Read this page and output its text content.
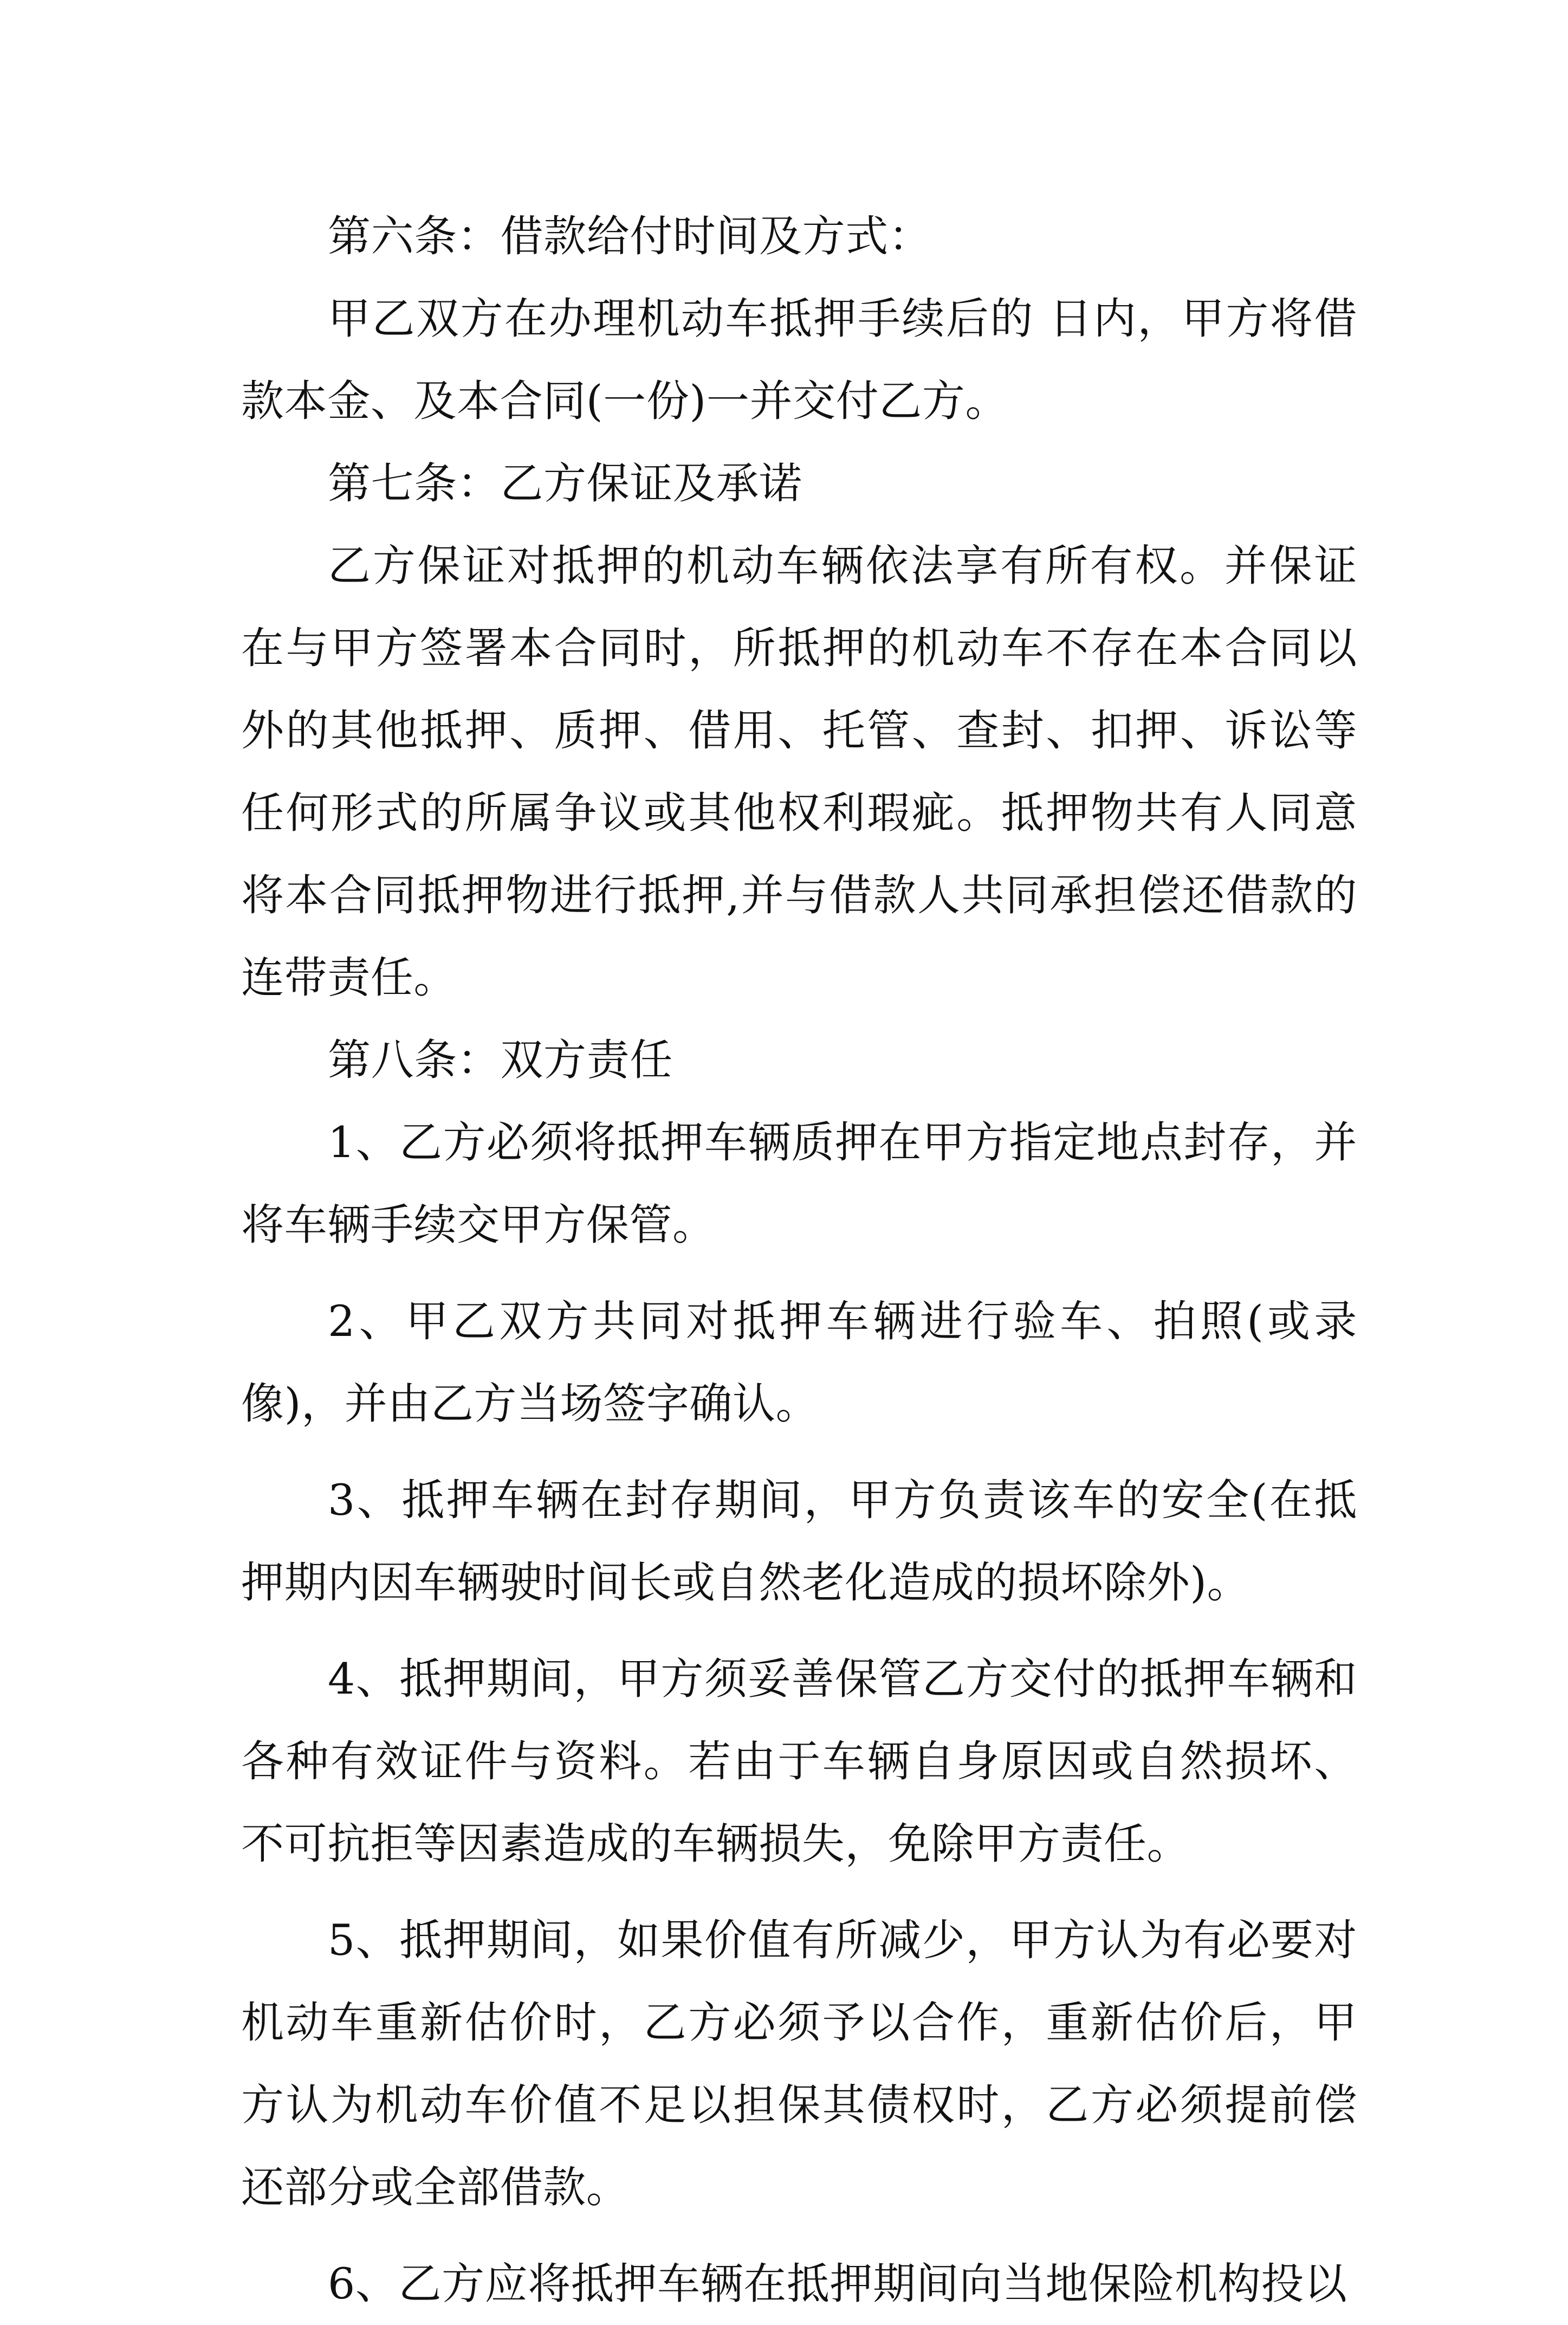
第六条：借款给付时间及方式：

甲乙双方在办理机动车抵押手续后的 日内，甲方将借款本金、及本合同(一份)一并交付乙方。

第七条：乙方保证及承诺

乙方保证对抵押的机动车辆依法享有所有权。并保证在与甲方签署本合同时，所抵押的机动车不存在本合同以外的其他抵押、质押、借用、托管、查封、扣押、诉讼等任何形式的所属争议或其他权利瑕疵。抵押物共有人同意将本合同抵押物进行抵押,并与借款人共同承担偿还借款的连带责任。

第八条：双方责任

1、乙方必须将抵押车辆质押在甲方指定地点封存，并将车辆手续交甲方保管。

2、甲乙双方共同对抵押车辆进行验车、拍照(或录像)，并由乙方当场签字确认。

3、抵押车辆在封存期间，甲方负责该车的安全(在抵押期内因车辆驶时间长或自然老化造成的损坏除外)。

4、抵押期间，甲方须妥善保管乙方交付的抵押车辆和各种有效证件与资料。若由于车辆自身原因或自然损坏、不可抗拒等因素造成的车辆损失，免除甲方责任。

5、抵押期间，如果价值有所减少，甲方认为有必要对机动车重新估价时，乙方必须予以合作，重新估价后，甲方认为机动车价值不足以担保其债权时，乙方必须提前偿还部分或全部借款。

6、乙方应将抵押车辆在抵押期间向当地保险机构投以
